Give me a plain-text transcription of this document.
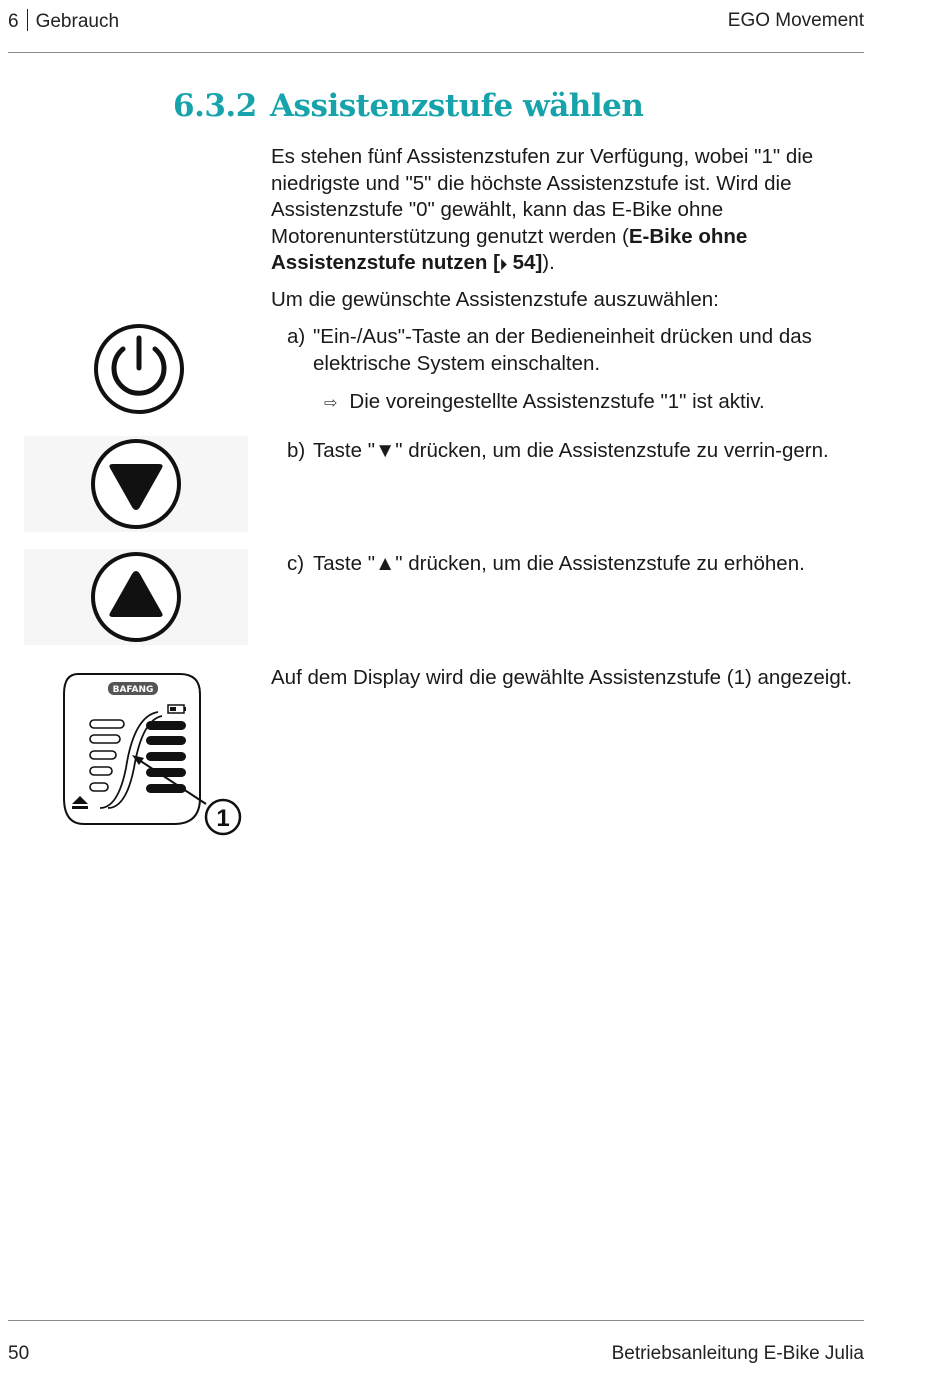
6 Gebrauch	EGO Movement
6.3.2 Assistenzstufe wählen

Es stehen fünf Assistenzstufen zur Verfügung, wobei "1" die niedrigste und "5" die höchste Assistenzstufe ist. Wird die Assistenzstufe "0" gewählt, kann das E-Bike ohne Motorenunterstützung genutzt werden (E-Bike ohne Assistenzstufe nutzen [⏵ 54]).

Um die gewünschte Assistenzstufe auszuwählen:

a) "Ein-/Aus"-Taste an der Bedieneinheit drücken und das elektrische System einschalten.
⇨ Die voreingestellte Assistenzstufe "1" ist aktiv.
b) Taste "▼" drücken, um die Assistenzstufe zu verrin-gern.
c) Taste "▲" drücken, um die Assistenzstufe zu erhöhen.

Auf dem Display wird die gewählte Assistenzstufe (1) angezeigt.

BAFANG
1
50	Betriebsanleitung E-Bike Julia
